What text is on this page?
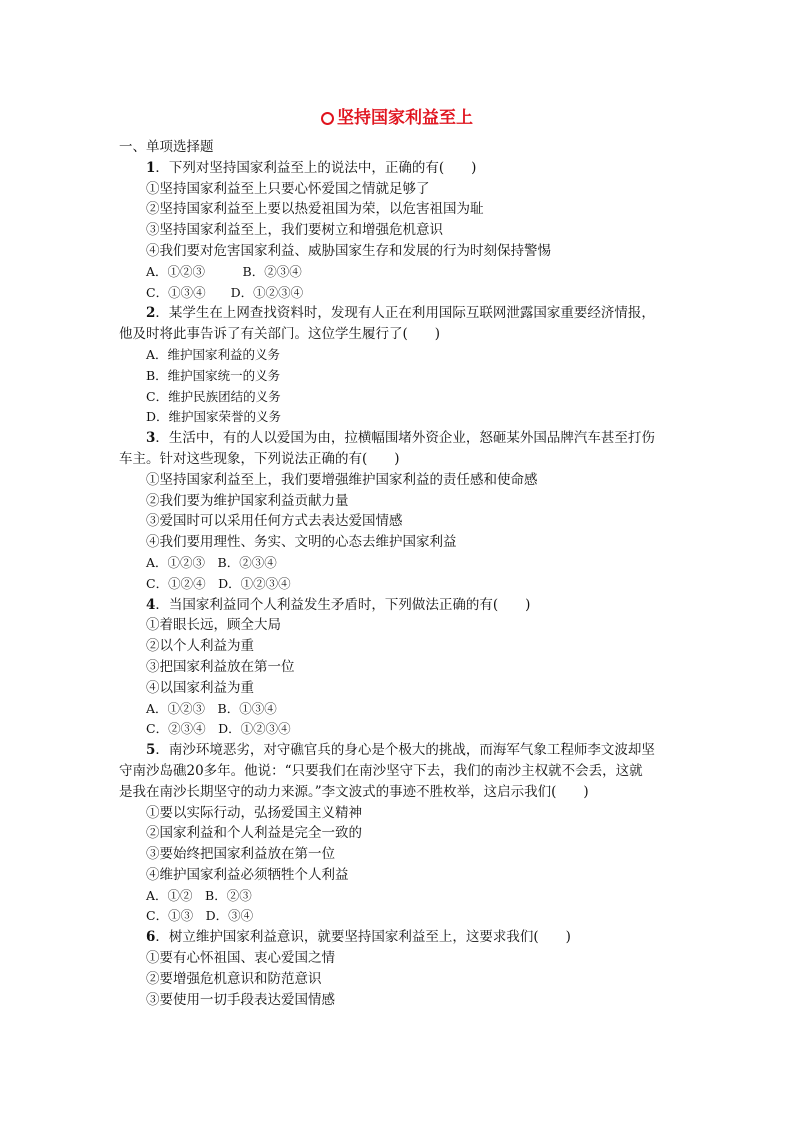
坚持国家利益至上
一、单项选择题
1．下列对坚持国家利益至上的说法中，正确的有(　　)
①坚持国家利益至上只要心怀爱国之情就足够了
②坚持国家利益至上要以热爱祖国为荣，以危害祖国为耻
③坚持国家利益至上，我们要树立和增强危机意识
④我们要对危害国家利益、威胁国家生存和发展的行为时刻保持警惕
A．①②③　　　B．②③④
C．①③④　　D．①②③④
2．某学生在上网查找资料时，发现有人正在利用国际互联网泄露国家重要经济情报，
他及时将此事告诉了有关部门。这位学生履行了(　　)
A．维护国家利益的义务
B．维护国家统一的义务
C．维护民族团结的义务
D．维护国家荣誉的义务
3．生活中，有的人以爱国为由，拉横幅围堵外资企业，怒砸某外国品牌汽车甚至打伤
车主。针对这些现象，下列说法正确的有(　　)
①坚持国家利益至上，我们要增强维护国家利益的责任感和使命感
②我们要为维护国家利益贡献力量
③爱国时可以采用任何方式去表达爱国情感
④我们要用理性、务实、文明的心态去维护国家利益
A．①②③　B．②③④
C．①②④　D．①②③④
4．当国家利益同个人利益发生矛盾时，下列做法正确的有(　　)
①着眼长远，顾全大局
②以个人利益为重
③把国家利益放在第一位
④以国家利益为重
A．①②③　B．①③④
C．②③④　D．①②③④
5．南沙环境恶劣，对守礁官兵的身心是个极大的挑战，而海军气象工程师李文波却坚
守南沙岛礁20多年。他说：“只要我们在南沙坚守下去，我们的南沙主权就不会丢，这就
是我在南沙长期坚守的动力来源。”李文波式的事迹不胜枚举，这启示我们(　　)
①要以实际行动，弘扬爱国主义精神
②国家利益和个人利益是完全一致的
③要始终把国家利益放在第一位
④维护国家利益必须牺牲个人利益
A．①②　B．②③
C．①③　D．③④
6．树立维护国家利益意识，就要坚持国家利益至上，这要求我们(　　)
①要有心怀祖国、衷心爱国之情
②要增强危机意识和防范意识
③要使用一切手段表达爱国情感
